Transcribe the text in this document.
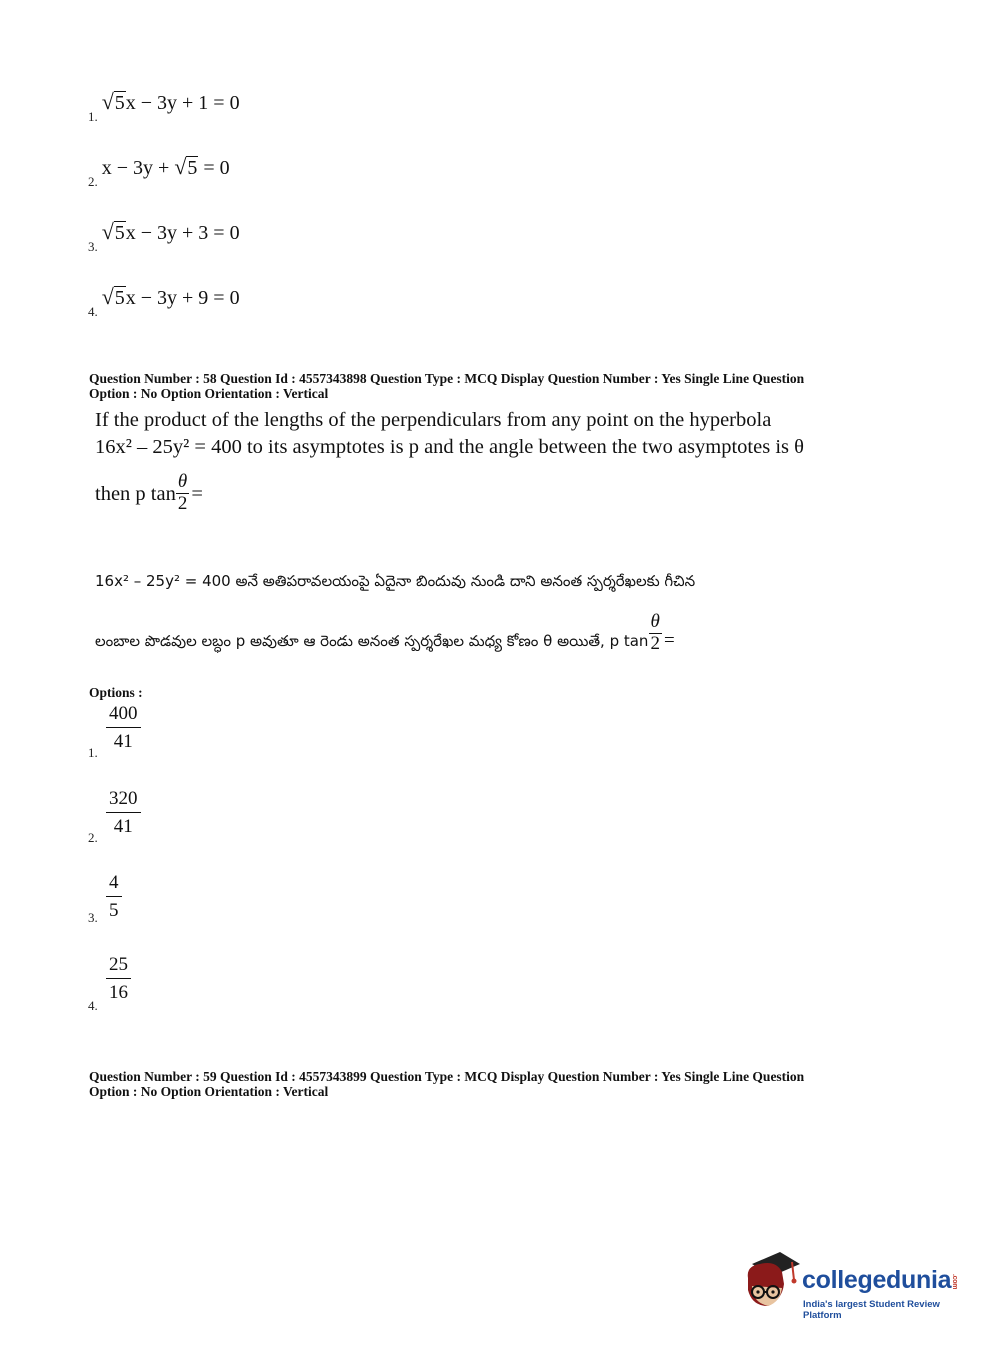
$_{1.}$
√ 5x − 3y + 1 = 0
$_{2.}$ x − 3y + √ 5 = 0
$_{3.}$
√ 5x − 3y + 3 = 0
$_{4.}$
√ 5x − 3y + 9 = 0
Question Number : 58 Question Id : 4557343898 Question Type : MCQ Display Question Number : Yes Single Line Question
Option : No Option Orientation : Vertical
If the product of the lengths of the perpendiculars from any point on the hyperbola
16x² – 25y² = 400 to its asymptotes is p and the angle between the two asymptotes is θ
then p $\tan \frac{\theta}{2}$ =
16x² – 25y² = 400 అనే అతిపరావలయంపై ఏదైనా బిందువు నుండి దాని అనంత స్పర్శరేఖలకు గీచిన
లంబాల పొడవుల లబ్ధం p అవుతూ ఆ రెండు అనంత స్పర్శరేఖల మధ్య కోణం θ అయితే, p $\tan \frac{\theta}{2}$ =
Options :
1.
400
41
2.
320
41
3.
4
5
4.
25
16
Question Number : 59 Question Id : 4557343899 Question Type : MCQ Display Question Number : Yes Single Line Question
Option : No Option Orientation : Vertical
collegedunia.com
India's largest Student Review Platform
